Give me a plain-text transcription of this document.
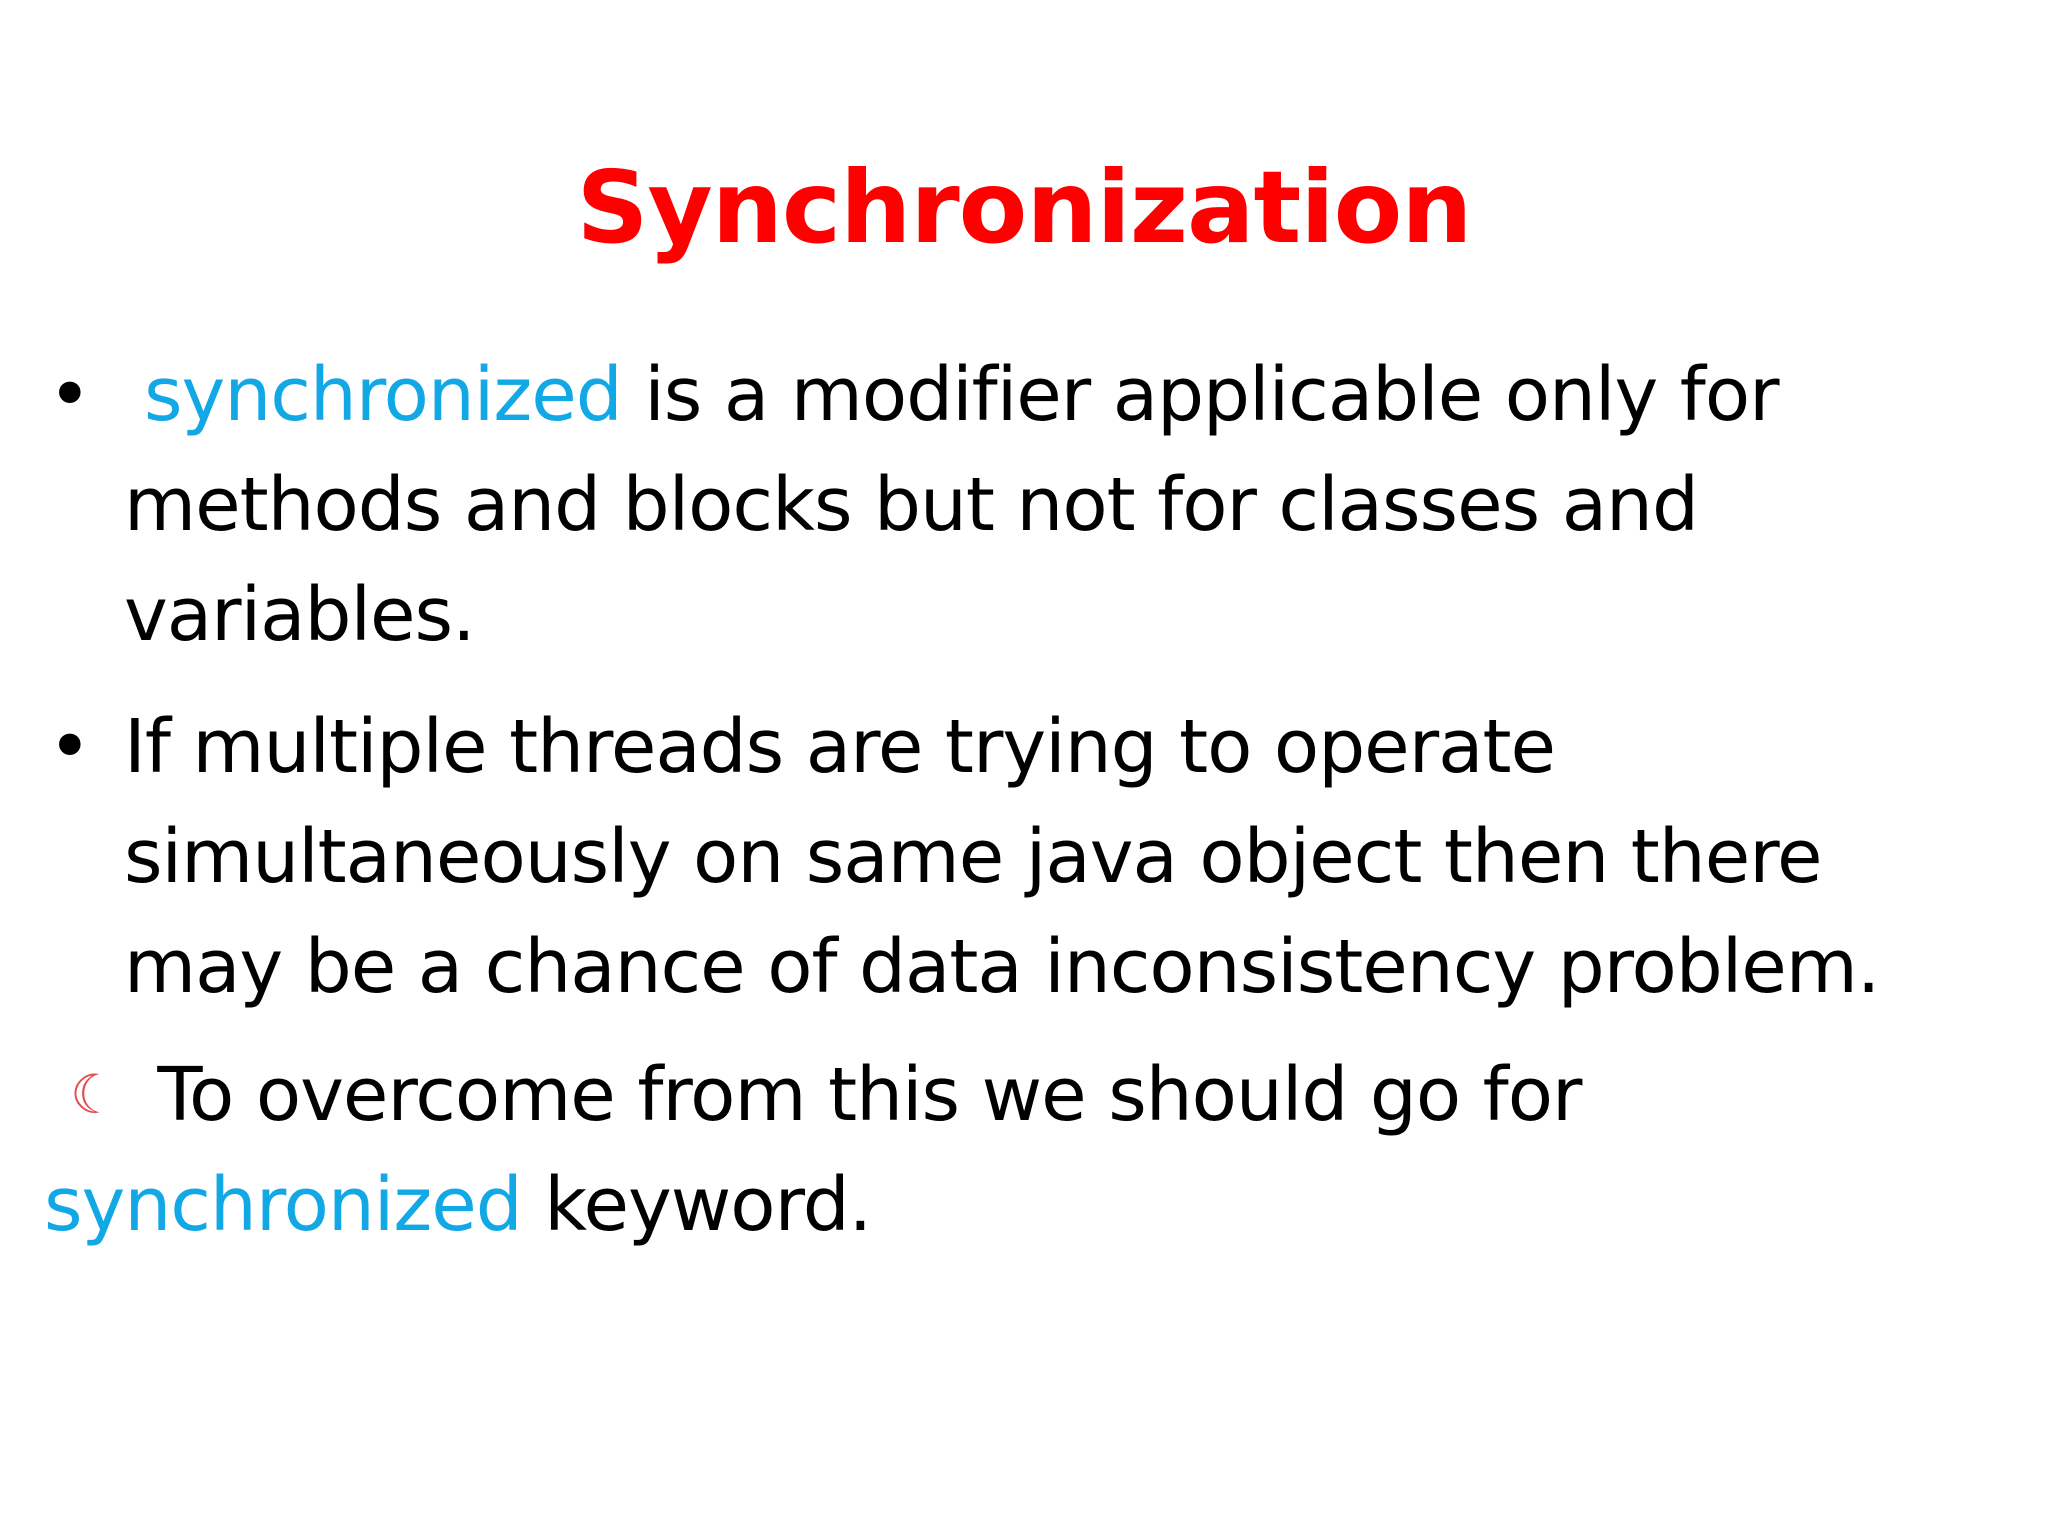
Synchronization
• synchronized is a modifier applicable only for methods and blocks but not for classes and variables.
• If multiple threads are trying to operate simultaneously on same java object then there may be a chance of data inconsistency problem.
☾ To overcome from this we should go for
synchronized keyword.
